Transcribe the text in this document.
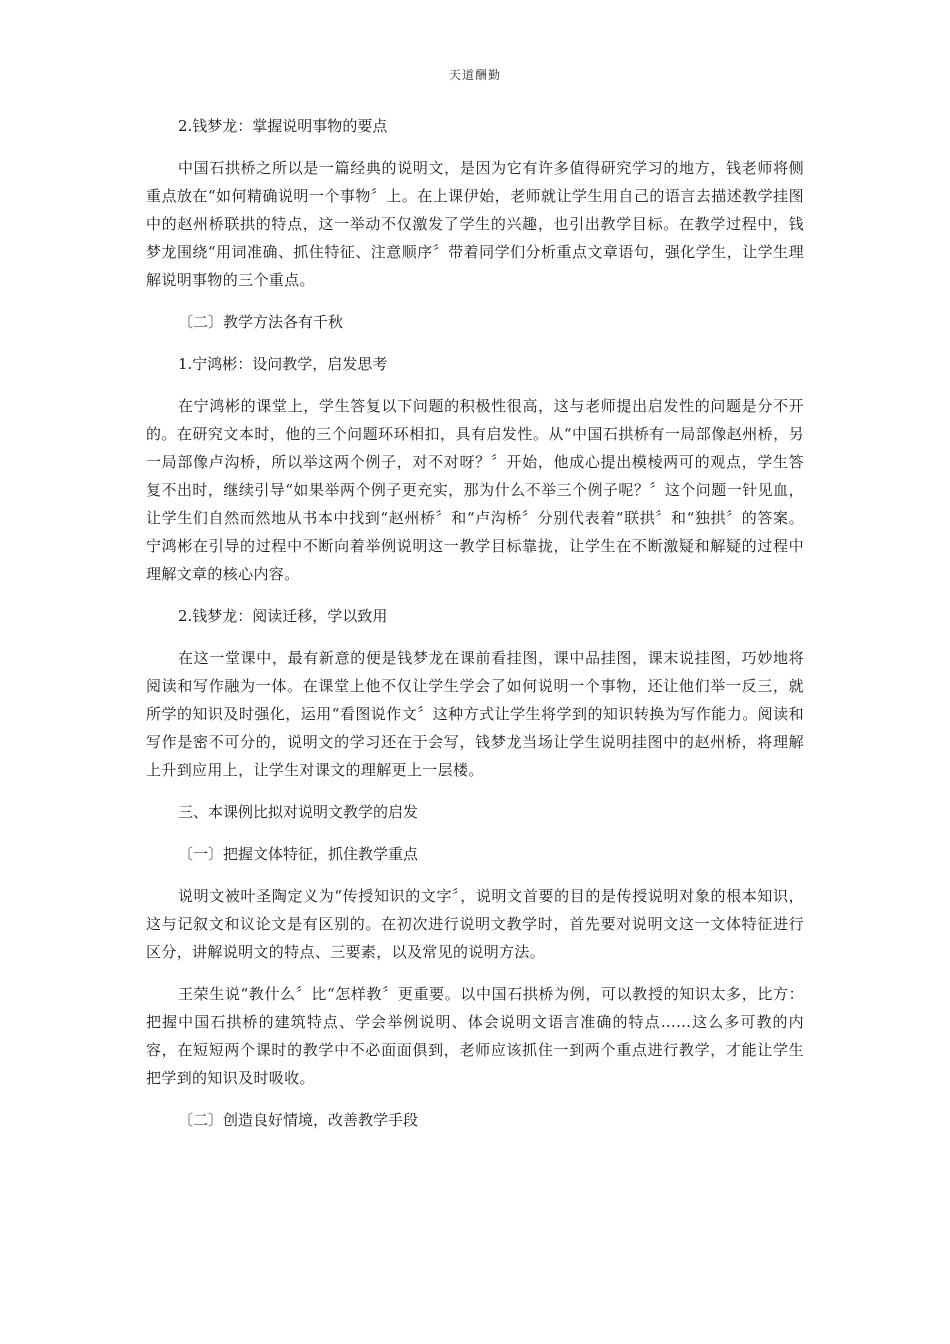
天道酬勤
2.钱梦龙：掌握说明事物的要点
中国石拱桥之所以是一篇经典的说明文，是因为它有许多值得研究学习的地方，钱老师将侧重点放在“如何精确说明一个事物〞上。在上课伊始，老师就让学生用自己的语言去描述教学挂图中的赵州桥联拱的特点，这一举动不仅激发了学生的兴趣，也引出教学目标。在教学过程中，钱梦龙围绕“用词准确、抓住特征、注意顺序〞带着同学们分析重点文章语句，强化学生，让学生理解说明事物的三个重点。
〔二〕教学方法各有千秋
1.宁鸿彬：设问教学，启发思考
在宁鸿彬的课堂上，学生答复以下问题的积极性很高，这与老师提出启发性的问题是分不开的。在研究文本时，他的三个问题环环相扣，具有启发性。从“中国石拱桥有一局部像赵州桥，另一局部像卢沟桥，所以举这两个例子，对不对呀？〞开始，他成心提出模棱两可的观点，学生答复不出时，继续引导“如果举两个例子更充实，那为什么不举三个例子呢？〞这个问题一针见血，让学生们自然而然地从书本中找到“赵州桥〞和“卢沟桥〞分别代表着“联拱〞和“独拱〞的答案。宁鸿彬在引导的过程中不断向着举例说明这一教学目标靠拢，让学生在不断激疑和解疑的过程中理解文章的核心内容。
2.钱梦龙：阅读迁移，学以致用
在这一堂课中，最有新意的便是钱梦龙在课前看挂图，课中品挂图，课末说挂图，巧妙地将阅读和写作融为一体。在课堂上他不仅让学生学会了如何说明一个事物，还让他们举一反三，就所学的知识及时强化，运用“看图说作文〞这种方式让学生将学到的知识转换为写作能力。阅读和写作是密不可分的，说明文的学习还在于会写，钱梦龙当场让学生说明挂图中的赵州桥，将理解上升到应用上，让学生对课文的理解更上一层楼。
三、本课例比拟对说明文教学的启发
〔一〕把握文体特征，抓住教学重点
说明文被叶圣陶定义为“传授知识的文字〞，说明文首要的目的是传授说明对象的根本知识，这与记叙文和议论文是有区别的。在初次进行说明文教学时，首先要对说明文这一文体特征进行区分，讲解说明文的特点、三要素，以及常见的说明方法。
王荣生说“教什么〞比“怎样教〞更重要。以中国石拱桥为例，可以教授的知识太多，比方：把握中国石拱桥的建筑特点、学会举例说明、体会说明文语言准确的特点……这么多可教的内容，在短短两个课时的教学中不必面面俱到，老师应该抓住一到两个重点进行教学，才能让学生把学到的知识及时吸收。
〔二〕创造良好情境，改善教学手段
